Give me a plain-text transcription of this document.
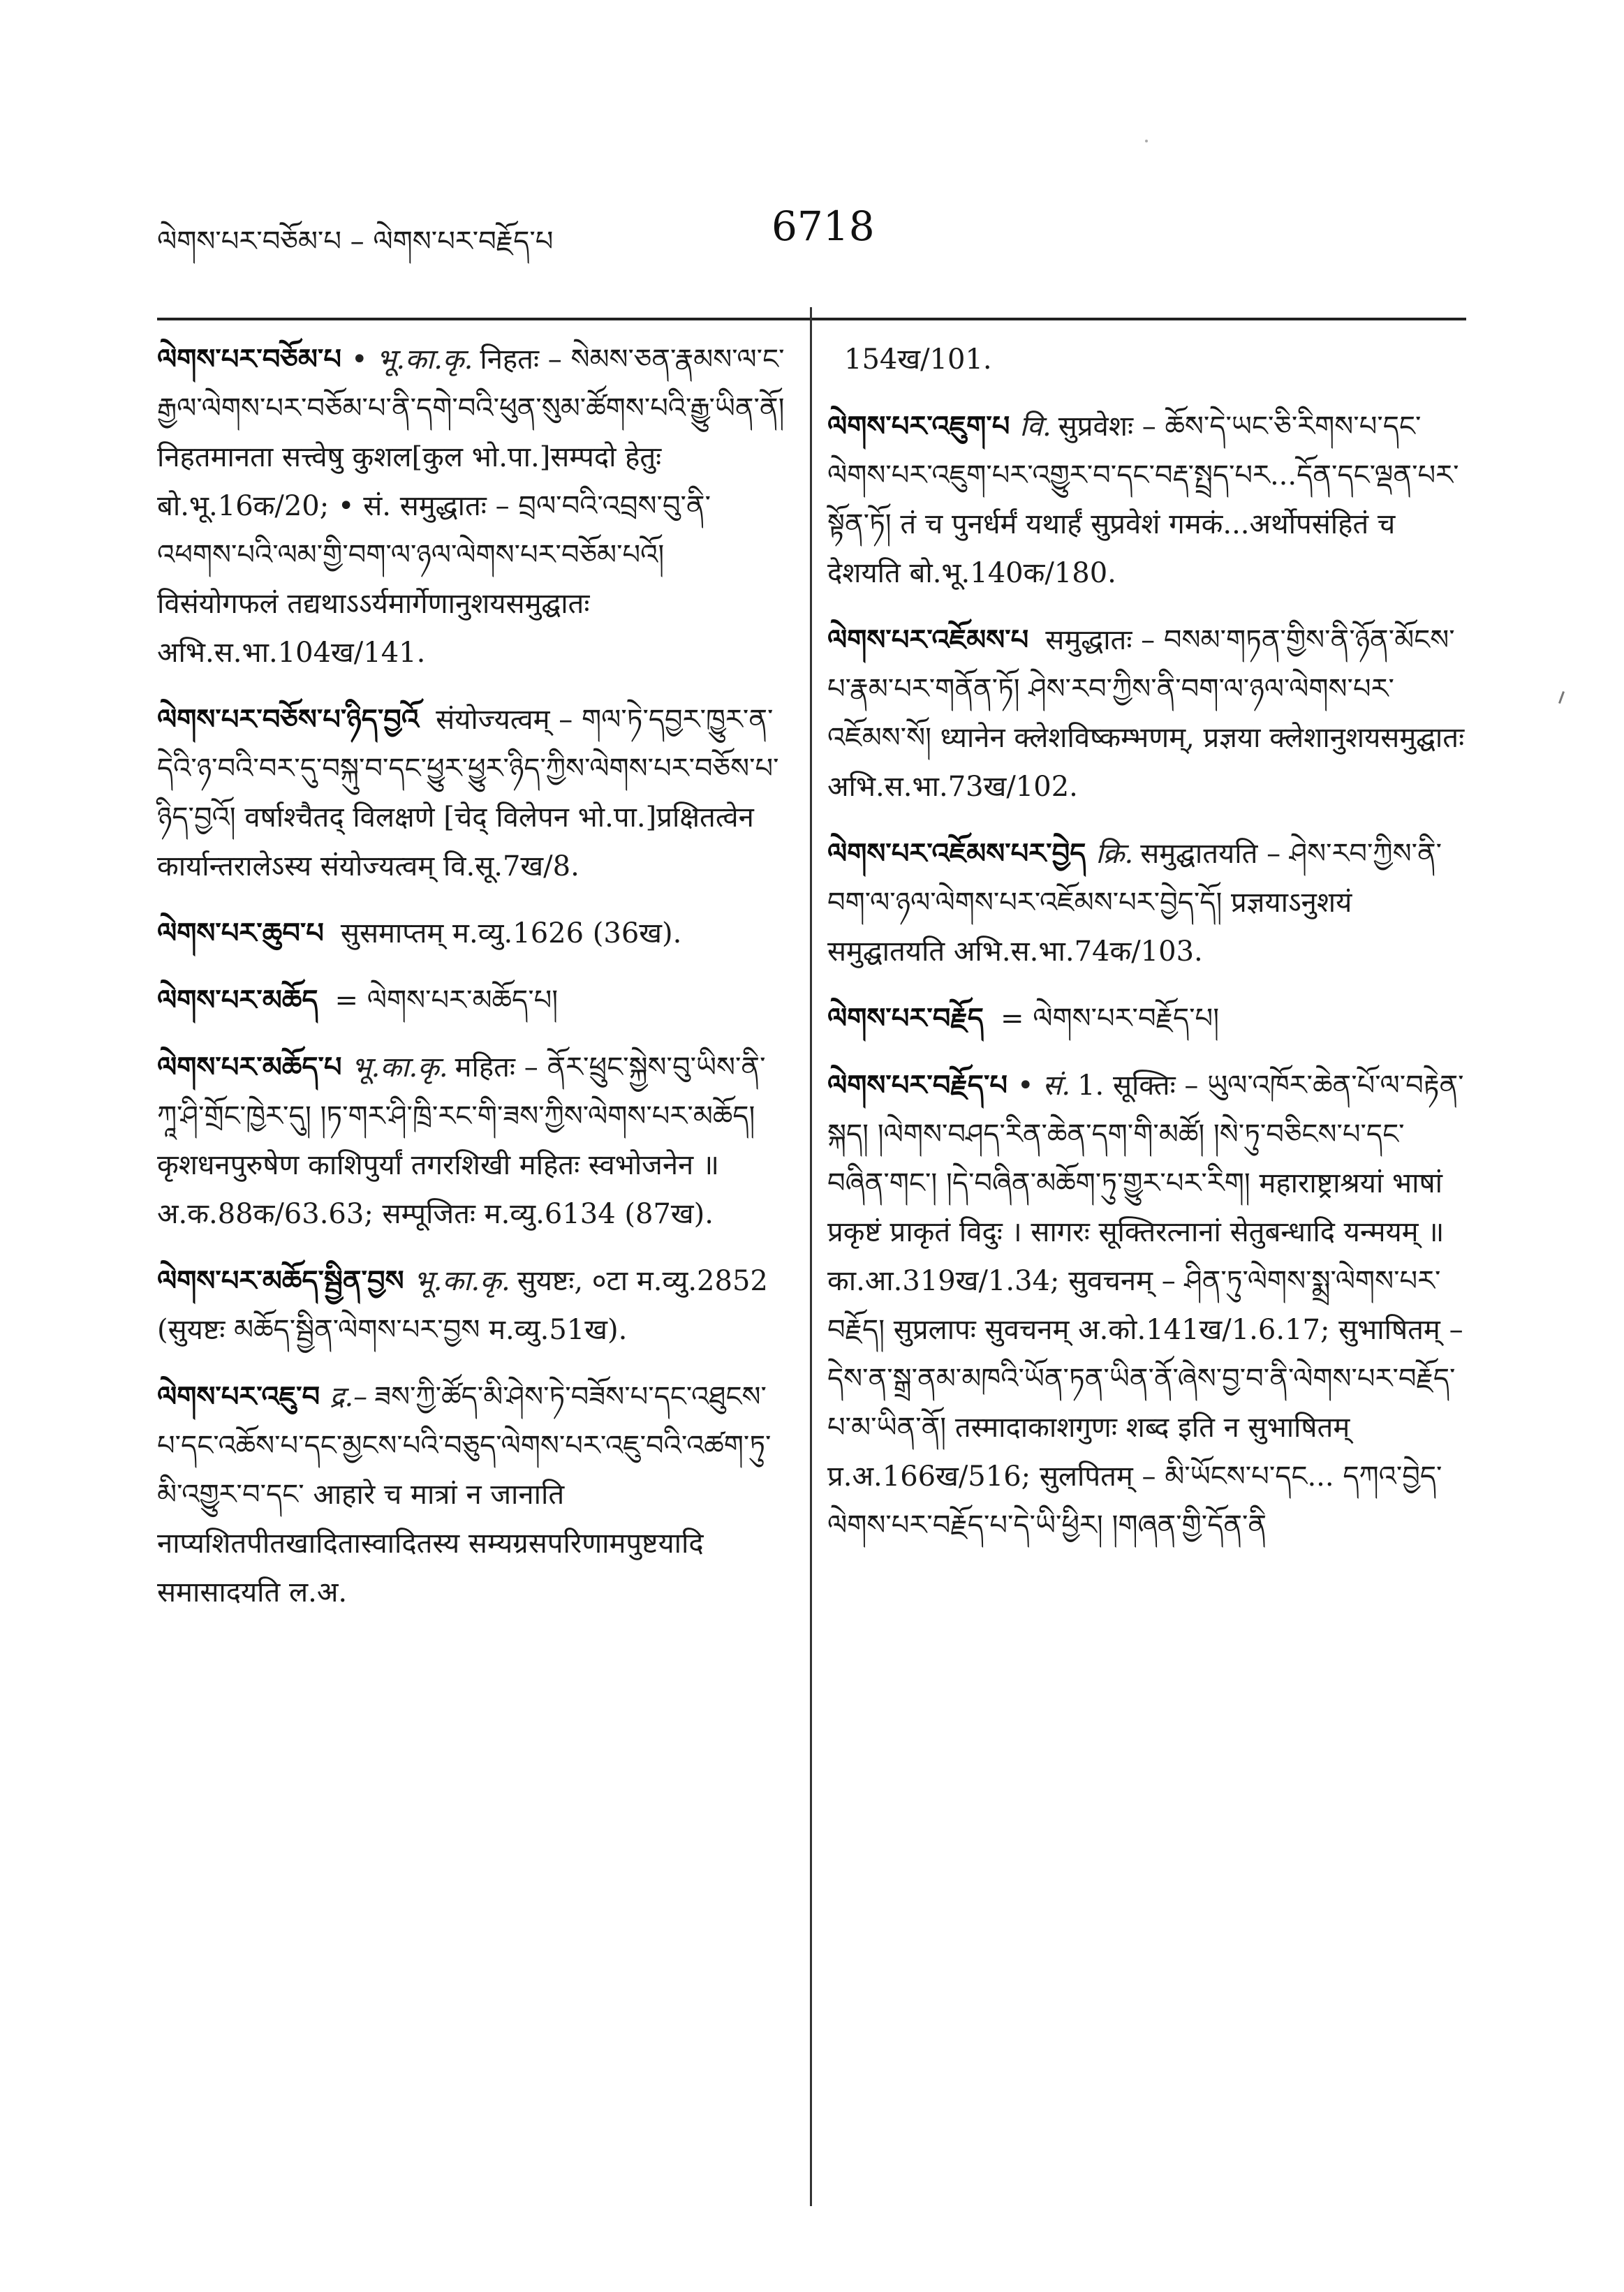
ལེགས་པར་བཅོམ་པ – ལེགས་པར་བརྗོད་པ	6718

ལེགས་པར་བཅོམ་པ • भू.का.कृ. निहतः – སེམས་ཅན་རྣམས་ལ་ང་རྒྱལ་ལེགས་པར་བཅོམ་པ་ནི་དགེ་བའི་ཕུན་སུམ་ཚོགས་པའི་རྒྱུ་ཡིན་ནོ། निहतमानता सत्त्वेषु कुशल[कुल भो.पा.]सम्पदो हेतुः बो.भू.16क/20; • सं. समुद्धातः – བྲལ་བའི་འབྲས་བུ་ནི་འཕགས་པའི་ལམ་གྱི་བག་ལ་ཉལ་ལེགས་པར་བཅོམ་པའོ། विसंयोगफलं तद्यथाऽऽर्यमार्गेणानुशयसमुद्घातः अभि.स.भा.104ख/141.

ལེགས་པར་བཅོས་པ་ཉིད་བྱའོ संयोज्यत्वम् – གལ་ཏེ་དབྱར་ཁྱུར་ན་དེའི་ཉ་བའི་བར་དུ་བསྐུ་བ་དང་ཕྱུར་ཕྱུར་ཉིད་ཀྱིས་ལེགས་པར་བཅོས་པ་ཉིད་བྱའོ། वर्षाश्चैतद् विलक्षणे [चेद् विलेपन भो.पा.]प्रक्षितत्वेन कार्यान्तरालेऽस्य संयोज्यत्वम् वि.सू.7ख/8.

ལེགས་པར་ཆུབ་པ सुसमाप्तम् म.व्यु.1626 (36ख).

ལེགས་པར་མཆོད = ལེགས་པར་མཆོད་པ།

ལེགས་པར་མཆོད་པ भू.का.कृ. महितः – ནོར་ཕྲུང་སྐྱེས་བུ་ཡིས་ནི་ཀཱ་ཤི་གྲོང་ཁྱེར་དུ། །ཏ་གར་ཤི་ཁྲི་རང་གི་ཟས་ཀྱིས་ལེགས་པར་མཆོད། कृशधनपुरुषेण काशिपुर्यां तगरशिखी महितः स्वभोजनेन ॥ अ.क.88क/63.63; सम्पूजितः म.व्यु.6134 (87ख).

ལེགས་པར་མཆོད་སྦྱིན་བྱས भू.का.कृ. सुयष्टः, ०टा म.व्यु.2852 (सुयष्टः མཆོད་སྦྱིན་ལེགས་པར་བྱས म.व्यु.51ख).

ལེགས་པར་འཇུ་བ द्र.– ཟས་ཀྱི་ཚོད་མི་ཤེས་ཏེ་བཟོས་པ་དང་འཐུངས་པ་དང་འཆོས་པ་དང་མྱངས་པའི་བཅུད་ལེགས་པར་འཇུ་བའི་འཚག་ཏུ་མི་འགྱུར་བ་དང་ आहारे च मात्रां न जानाति नाप्यशितपीतखादितास्वादितस्य सम्यग्रसपरिणामपुष्टयादि समासादयति ल.अ.

154ख/101.

ལེགས་པར་འཇུག་པ वि. सुप्रवेशः – ཆོས་དེ་ཡང་ཅི་རིགས་པ་དང་ལེགས་པར་འཇུག་པར་འགྱུར་བ་དང་བརྡ་སྤྲད་པར...དོན་དང་ལྡན་པར་སྟོན་ཏོ། तं च पुनर्धर्मं यथार्हं सुप्रवेशं गमकं...अर्थोपसंहितं च देशयति बो.भू.140क/180.

ལེགས་པར་འཇོམས་པ समुद्धातः – བསམ་གཏན་གྱིས་ནི་ཉོན་མོངས་པ་རྣམ་པར་གནོན་ཏོ། ཤེས་རབ་ཀྱིས་ནི་བག་ལ་ཉལ་ལེགས་པར་འཇོམས་སོ། ध्यानेन क्लेशविष्कम्भणम्, प्रज्ञया क्लेशानुशयसमुद्घातः अभि.स.भा.73ख/102.

ལེགས་པར་འཇོམས་པར་བྱེད क्रि. समुद्घातयति – ཤེས་རབ་ཀྱིས་ནི་བག་ལ་ཉལ་ལེགས་པར་འཇོམས་པར་བྱེད་དོ། प्रज्ञयाऽनुशयं समुद्घातयति अभि.स.भा.74क/103.

ལེགས་པར་བརྗོད = ལེགས་པར་བརྗོད་པ།

ལེགས་པར་བརྗོད་པ • सं. 1. सूक्तिः – ཡུལ་འཁོར་ཆེན་པོ་ལ་བརྟེན་སྐད། །ལེགས་བཤད་རིན་ཆེན་དག་གི་མཚོ། །སེ་ཏུ་བཅིངས་པ་དང་བཞིན་གང་། །དེ་བཞིན་མཆོག་ཏུ་གྱུར་པར་རིག། महाराष्ट्राश्रयां भाषां प्रकृष्टं प्राकृतं विदुः । सागरः सूक्तिरत्नानां सेतुबन्धादि यन्मयम् ॥ का.आ.319ख/1.34; सुवचनम् – ཤིན་ཏུ་ལེགས་སྨྲ་ལེགས་པར་བརྗོད། सुप्रलापः सुवचनम् अ.को.141ख/1.6.17; सुभाषितम् – དེས་ན་སྒྲ་ནམ་མཁའི་ཡོན་ཏན་ཡིན་ནོ་ཞེས་བྱ་བ་ནི་ལེགས་པར་བརྗོད་པ་མ་ཡིན་ནོ། तस्मादाकाशगुणः शब्द इति न सुभाषितम् प्र.अ.166ख/516; सुलपितम् – མི་ཡོངས་པ་དང... དཀའ་བྱེད་ལེགས་པར་བརྗོད་པ་དེ་ཡི་ཕྱིར། །གཞན་གྱི་དོན་ནི
